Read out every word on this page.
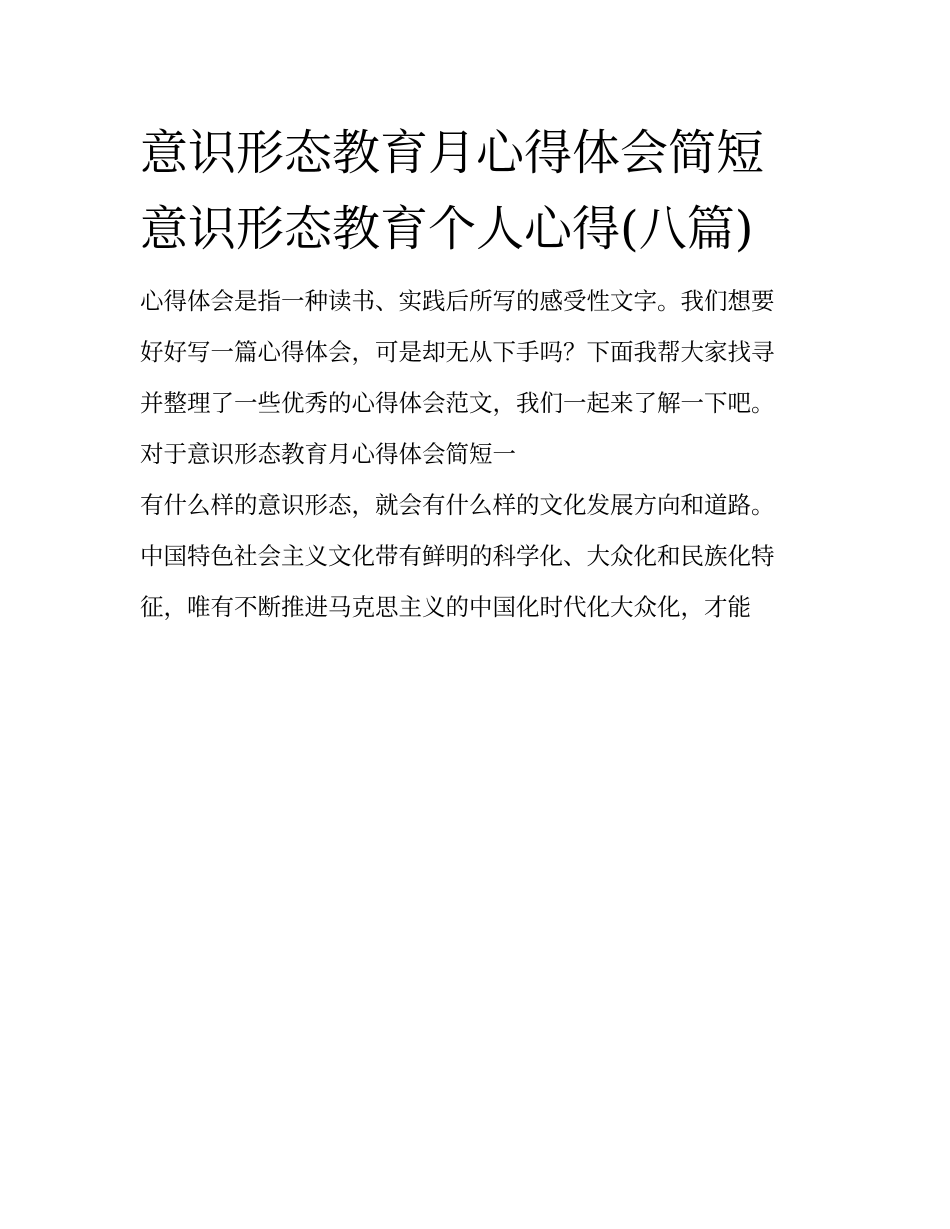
意识形态教育月心得体会简短
意识形态教育个人心得(八篇)
心得体会是指一种读书、实践后所写的感受性文字。我们想要
好好写一篇心得体会，可是却无从下手吗？下面我帮大家找寻
并整理了一些优秀的心得体会范文，我们一起来了解一下吧。
对于意识形态教育月心得体会简短一
有什么样的意识形态，就会有什么样的文化发展方向和道路。
中国特色社会主义文化带有鲜明的科学化、大众化和民族化特
征，唯有不断推进马克思主义的中国化时代化大众化，才能
